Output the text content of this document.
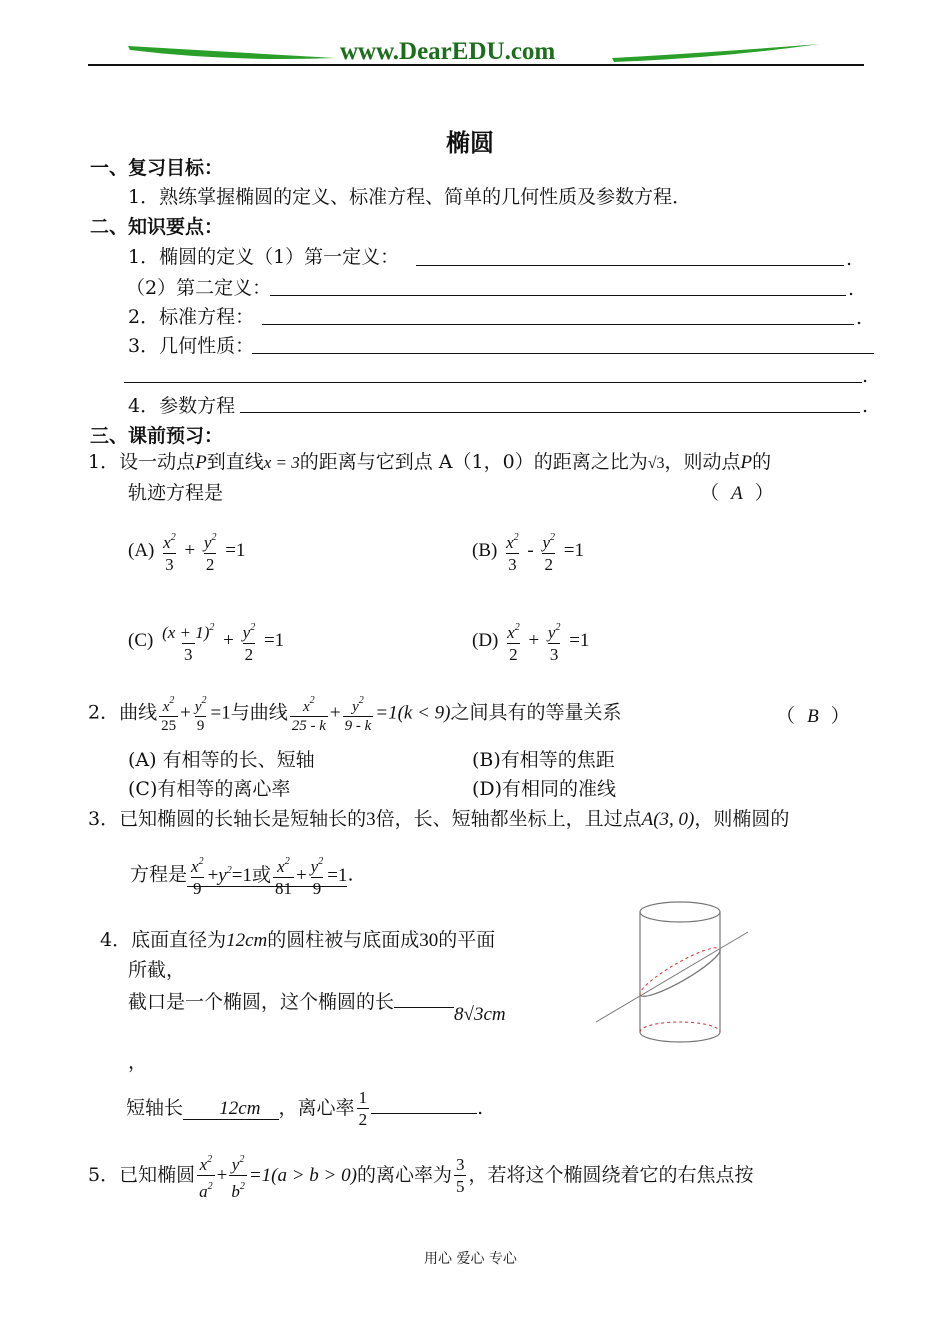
www.DearEDU.com
椭圆
一、复习目标：
1．熟练掌握椭圆的定义、标准方程、简单的几何性质及参数方程．
二、知识要点：
1．椭圆的定义（1）第一定义：	.
（2）第二定义：	.
2．标准方程：	.
3．几何性质：
.
4．参数方程	.
三、课前预习：
1．设一动点P到直线x = 3的距离与它到点 A（1，0）的距离之比为√3，则动点P的
轨迹方程是	（  A  ）
$(A) \frac{x^2}{3} + \frac{y^2}{2} =1$	$(B) \frac{x^2}{3} - \frac{y^2}{2} =1$
$(C) \frac{(x + 1)^2}{3} + \frac{y^2}{2} =1$	$(D) \frac{x^2}{2} + \frac{y^2}{3} =1$
2．曲线 $\frac{x^2}{25} + \frac{y^2}{9} =1$与曲线 $\frac{x^2}{25 - k} + \frac{y^2}{9 - k} =1(k < 9)$之间具有的等量关系	（  B  ）
(A) 有相等的长、短轴	(B)有相等的焦距
(C)有相等的离心率	(D)有相同的准线
3．已知椭圆的长轴长是短轴长的3倍，长、短轴都坐标上，且过点A(3, 0)，则椭圆的
方程是 $\frac{x^2}{9} +y^2=1$或 $\frac{x^2}{81} + \frac{y^2}{9} =1$.
4．底面直径为12cm的圆柱被与底面成30的平面
所截，
截口是一个椭圆，这个椭圆的长8√3cm
，
短轴长 12cm ，离心率 $\frac{1}{2}$	.
5．已知椭圆 $\frac{x^2}{a^2} + \frac{y^2}{b^2} =1(a > b > 0)$的离心率为 $\frac{3}{5}$ ，若将这个椭圆绕着它的右焦点按
用心 爱心 专心
